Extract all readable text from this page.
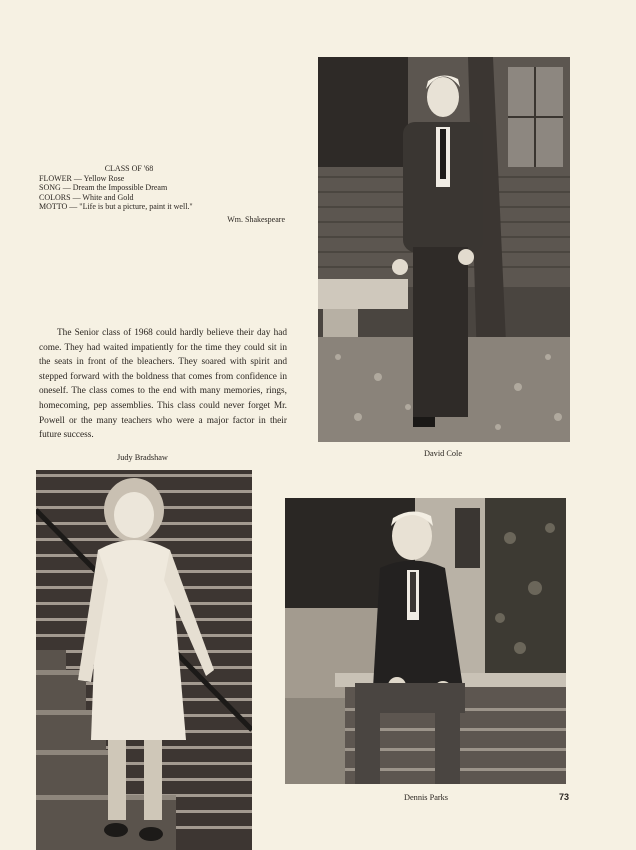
CLASS OF '68
FLOWER — Yellow Rose
SONG — Dream the Impossible Dream
COLORS — White and Gold
MOTTO — "Life is but a picture, paint it well."
Wm. Shakespeare
The Senior class of 1968 could hardly believe their day had come. They had waited impatiently for the time they could sit in the seats in front of the bleachers. They soared with spirit and stepped forward with the boldness that comes from confidence in oneself. The class comes to the end with many memories, rings, homecoming, pep assemblies. This class could never forget Mr. Powell or the many teachers who were a major factor in their future success.
David Cole
Judy Bradshaw
Dennis Parks	73
